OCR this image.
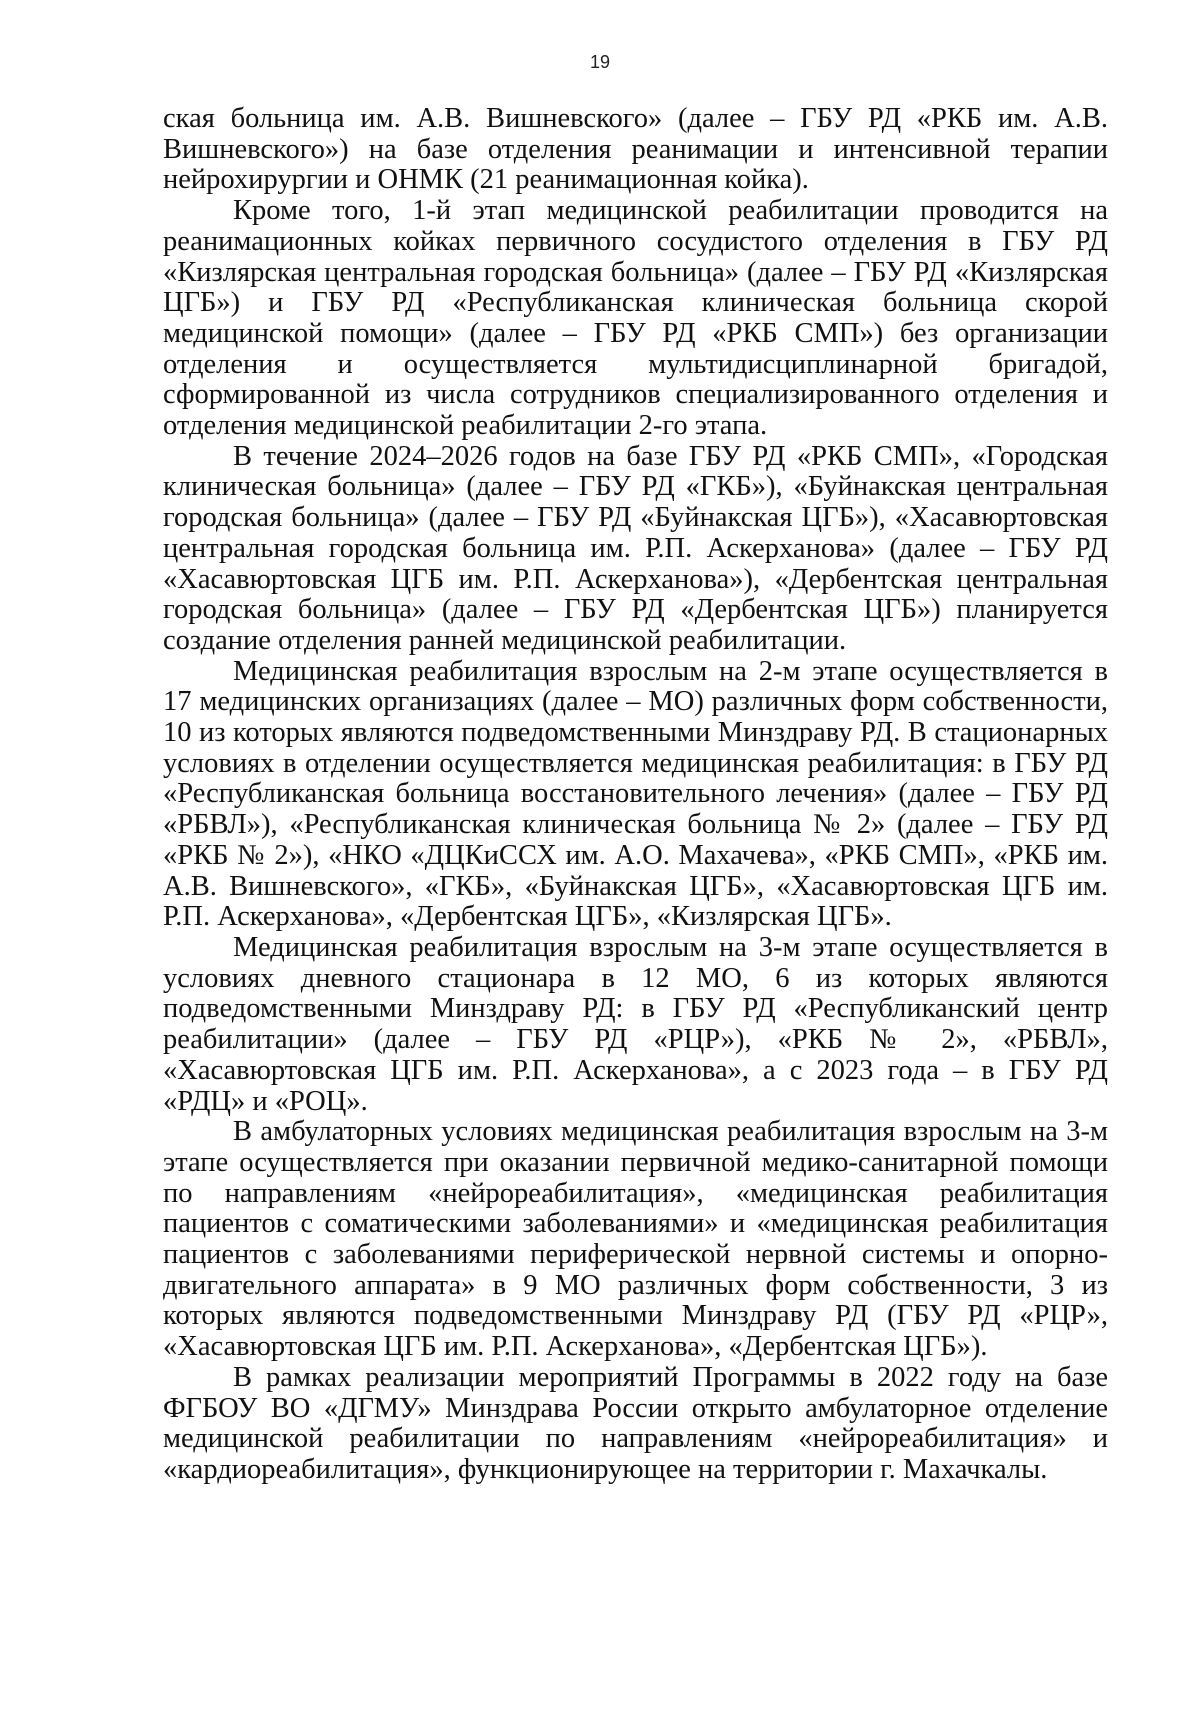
19

ская больница им. А.В. Вишневского» (далее – ГБУ РД «РКБ им. А.В. Вишневского») на базе отделения реанимации и интенсивной терапии нейрохирургии и ОНМК (21 реанимационная койка).

Кроме того, 1-й этап медицинской реабилитации проводится на реанимационных койках первичного сосудистого отделения в ГБУ РД «Кизлярская центральная городская больница» (далее – ГБУ РД «Кизлярская ЦГБ») и ГБУ РД «Республиканская клиническая больница скорой медицинской помощи» (далее – ГБУ РД «РКБ СМП») без организации отделения и осуществляется мультидисциплинарной бригадой, сформированной из числа сотрудников специализированного отделения и отделения медицинской реабилитации 2-го этапа.

В течение 2024–2026 годов на базе ГБУ РД «РКБ СМП», «Городская клиническая больница» (далее – ГБУ РД «ГКБ»), «Буйнакская центральная городская больница» (далее – ГБУ РД «Буйнакская ЦГБ»), «Хасавюртовская центральная городская больница им. Р.П. Аскерханова» (далее – ГБУ РД «Хасавюртовская ЦГБ им. Р.П. Аскерханова»), «Дербентская центральная городская больница» (далее – ГБУ РД «Дербентская ЦГБ») планируется создание отделения ранней медицинской реабилитации.

Медицинская реабилитация взрослым на 2-м этапе осуществляется в 17 медицинских организациях (далее – МО) различных форм собственности, 10 из которых являются подведомственными Минздраву РД. В стационарных условиях в отделении осуществляется медицинская реабилитация: в ГБУ РД «Республиканская больница восстановительного лечения» (далее – ГБУ РД «РБВЛ»), «Республиканская клиническая больница № 2» (далее – ГБУ РД «РКБ № 2»), «НКО «ДЦКиССХ им. А.О. Махачева», «РКБ СМП», «РКБ им. А.В. Вишневского», «ГКБ», «Буйнакская ЦГБ», «Хасавюртовская ЦГБ им. Р.П. Аскерханова», «Дербентская ЦГБ», «Кизлярская ЦГБ».

Медицинская реабилитация взрослым на 3-м этапе осуществляется в условиях дневного стационара в 12 МО, 6 из которых являются подведомственными Минздраву РД: в ГБУ РД «Республиканский центр реабилитации» (далее – ГБУ РД «РЦР»), «РКБ № 2», «РБВЛ», «Хасавюртовская ЦГБ им. Р.П. Аскерханова», а с 2023 года – в ГБУ РД «РДЦ» и «РОЦ».

В амбулаторных условиях медицинская реабилитация взрослым на 3-м этапе осуществляется при оказании первичной медико-санитарной помощи по направлениям «нейрореабилитация», «медицинская реабилитация пациентов с соматическими заболеваниями» и «медицинская реабилитация пациентов с заболеваниями периферической нервной системы и опорно-двигательного аппарата» в 9 МО различных форм собственности, 3 из которых являются подведомственными Минздраву РД (ГБУ РД «РЦР», «Хасавюртовская ЦГБ им. Р.П. Аскерханова», «Дербентская ЦГБ»).

В рамках реализации мероприятий Программы в 2022 году на базе ФГБОУ ВО «ДГМУ» Минздрава России открыто амбулаторное отделение медицинской реабилитации по направлениям «нейрореабилитация» и «кардиореабилитация», функционирующее на территории г. Махачкалы.
